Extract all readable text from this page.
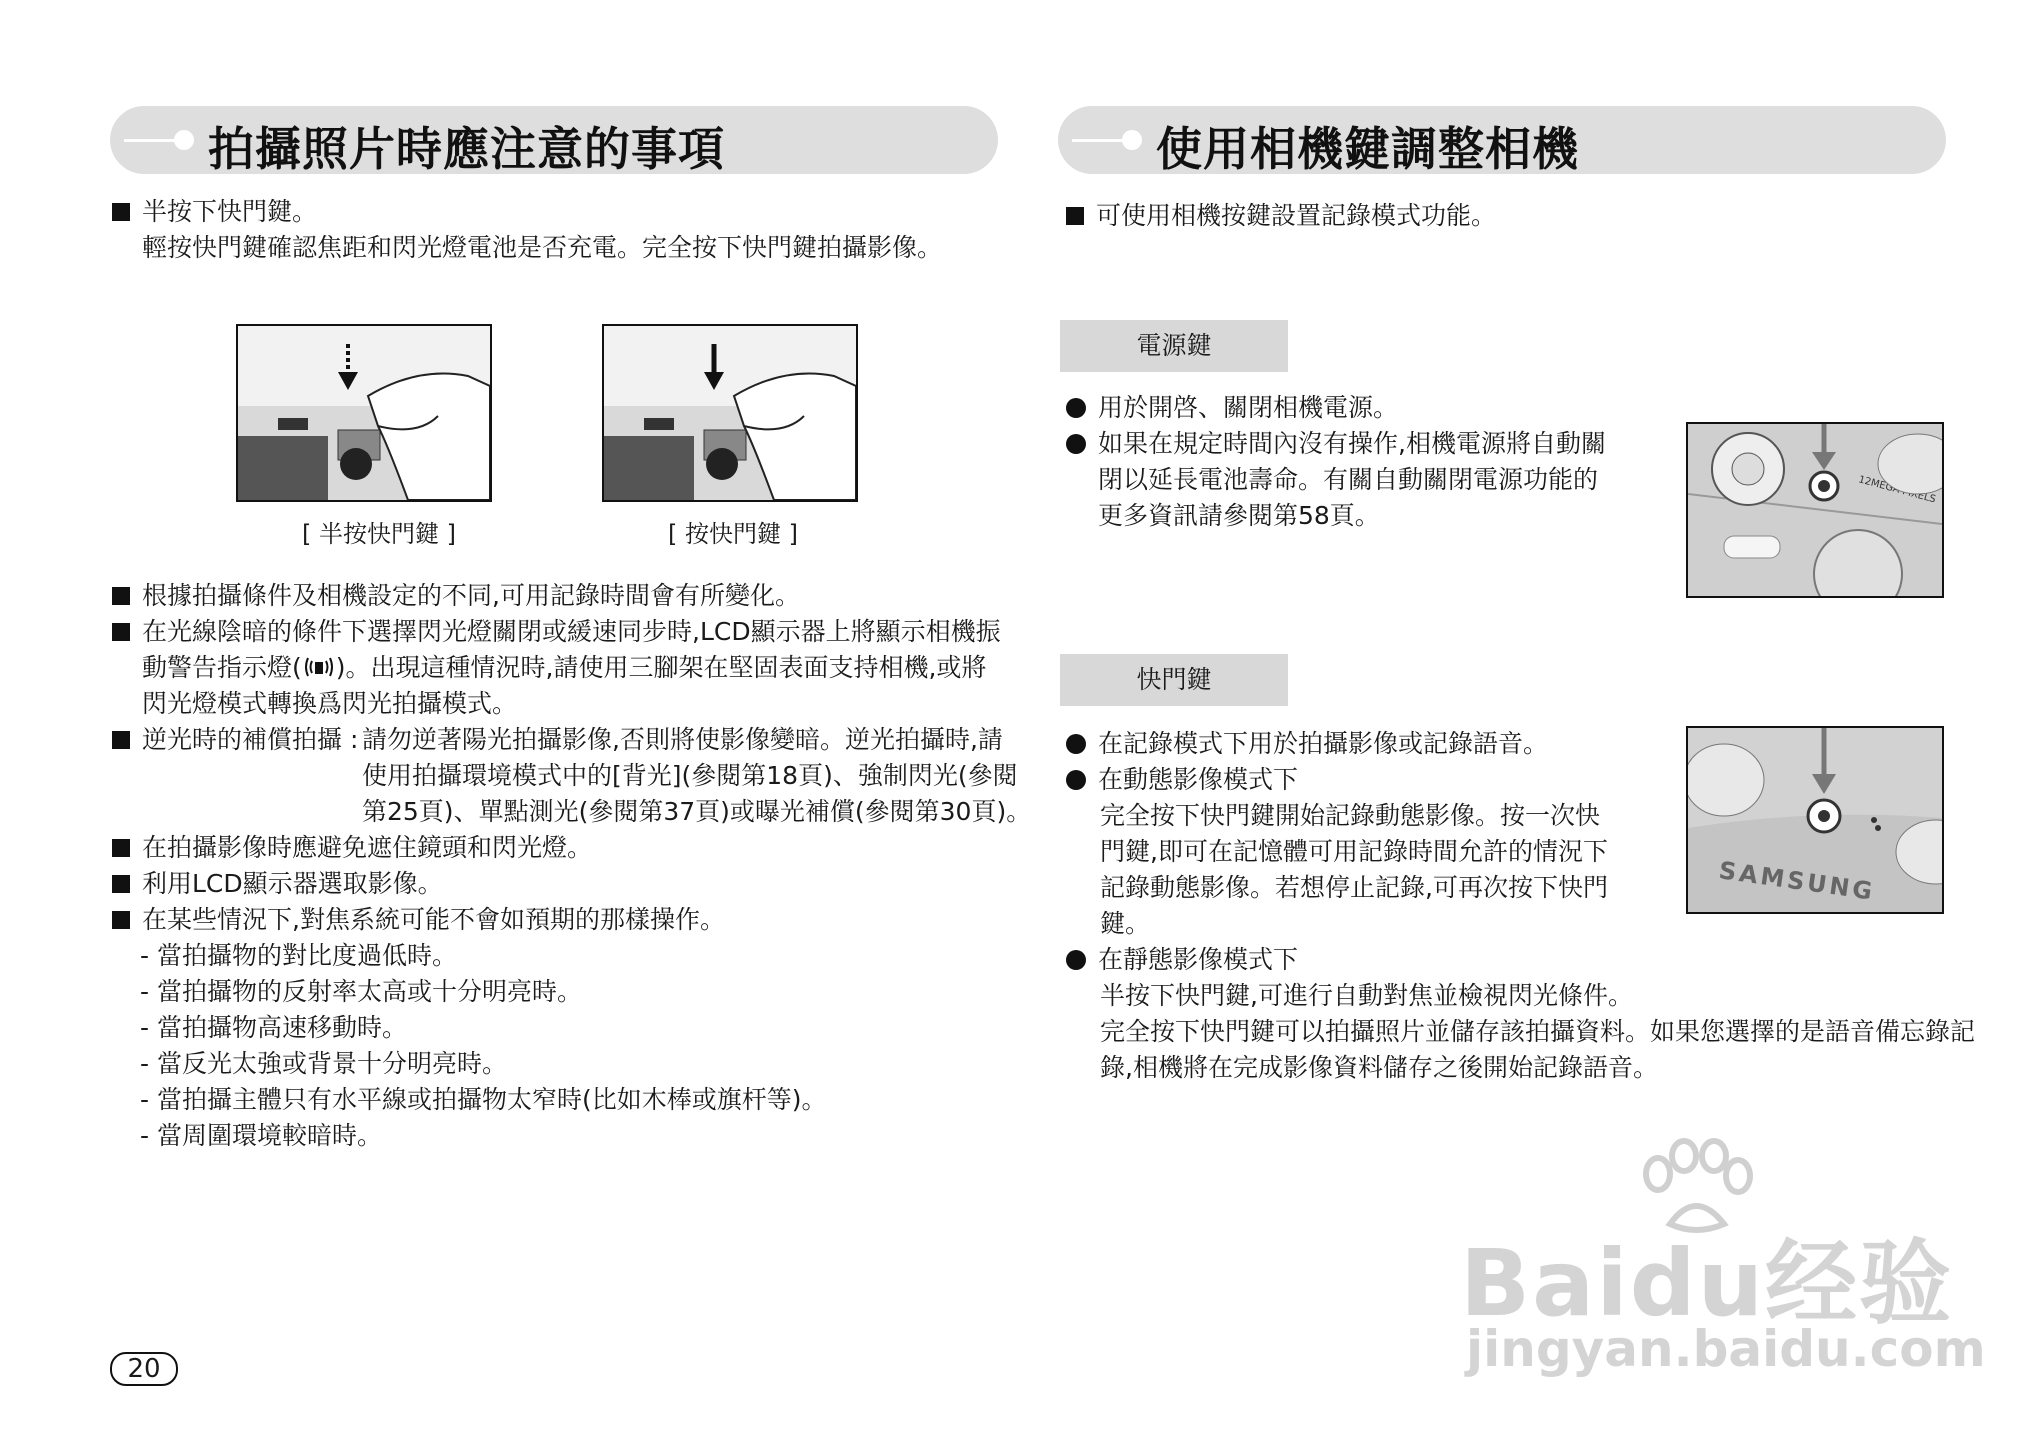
拍攝照片時應注意的事項
半按下快門鍵。
輕按快門鍵確認焦距和閃光燈電池是否充電。完全按下快門鍵拍攝影像。
[ 半按快門鍵 ]	[ 按快門鍵 ]
根據拍攝條件及相機設定的不同,可用記錄時間會有所變化。
在光線陰暗的條件下選擇閃光燈關閉或緩速同步時,LCD顯示器上將顯示相機振
動警告指示燈( )。出現這種情況時,請使用三腳架在堅固表面支持相機,或將
閃光燈模式轉換爲閃光拍攝模式。
逆光時的補償拍攝 : 請勿逆著陽光拍攝影像,否則將使影像變暗。逆光拍攝時,請
使用拍攝環境模式中的[背光](參閱第18頁)、強制閃光(參閱
第25頁)、單點測光(參閱第37頁)或曝光補償(參閱第30頁)。
在拍攝影像時應避免遮住鏡頭和閃光燈。
利用LCD顯示器選取影像。
在某些情況下,對焦系統可能不會如預期的那樣操作。
- 當拍攝物的對比度過低時。
- 當拍攝物的反射率太高或十分明亮時。
- 當拍攝物高速移動時。
- 當反光太強或背景十分明亮時。
- 當拍攝主體只有水平線或拍攝物太窄時(比如木棒或旗杆等)。
- 當周圍環境較暗時。
20
使用相機鍵調整相機
可使用相機按鍵設置記錄模式功能。
電源鍵
用於開啓、關閉相機電源。
如果在規定時間內沒有操作,相機電源將自動關
閉以延長電池壽命。有關自動關閉電源功能的
更多資訊請參閱第58頁。
12MEGA PIXELS
快門鍵
在記錄模式下用於拍攝影像或記錄語音。
在動態影像模式下
完全按下快門鍵開始記錄動態影像。按一次快
門鍵,即可在記憶體可用記錄時間允許的情況下
記錄動態影像。若想停止記錄,可再次按下快門
鍵。
在靜態影像模式下
半按下快門鍵,可進行自動對焦並檢視閃光條件。
完全按下快門鍵可以拍攝照片並儲存該拍攝資料。如果您選擇的是語音備忘錄記
錄,相機將在完成影像資料儲存之後開始記錄語音。
SAMSUNG
Baidu经验
jingyan.baidu.com
